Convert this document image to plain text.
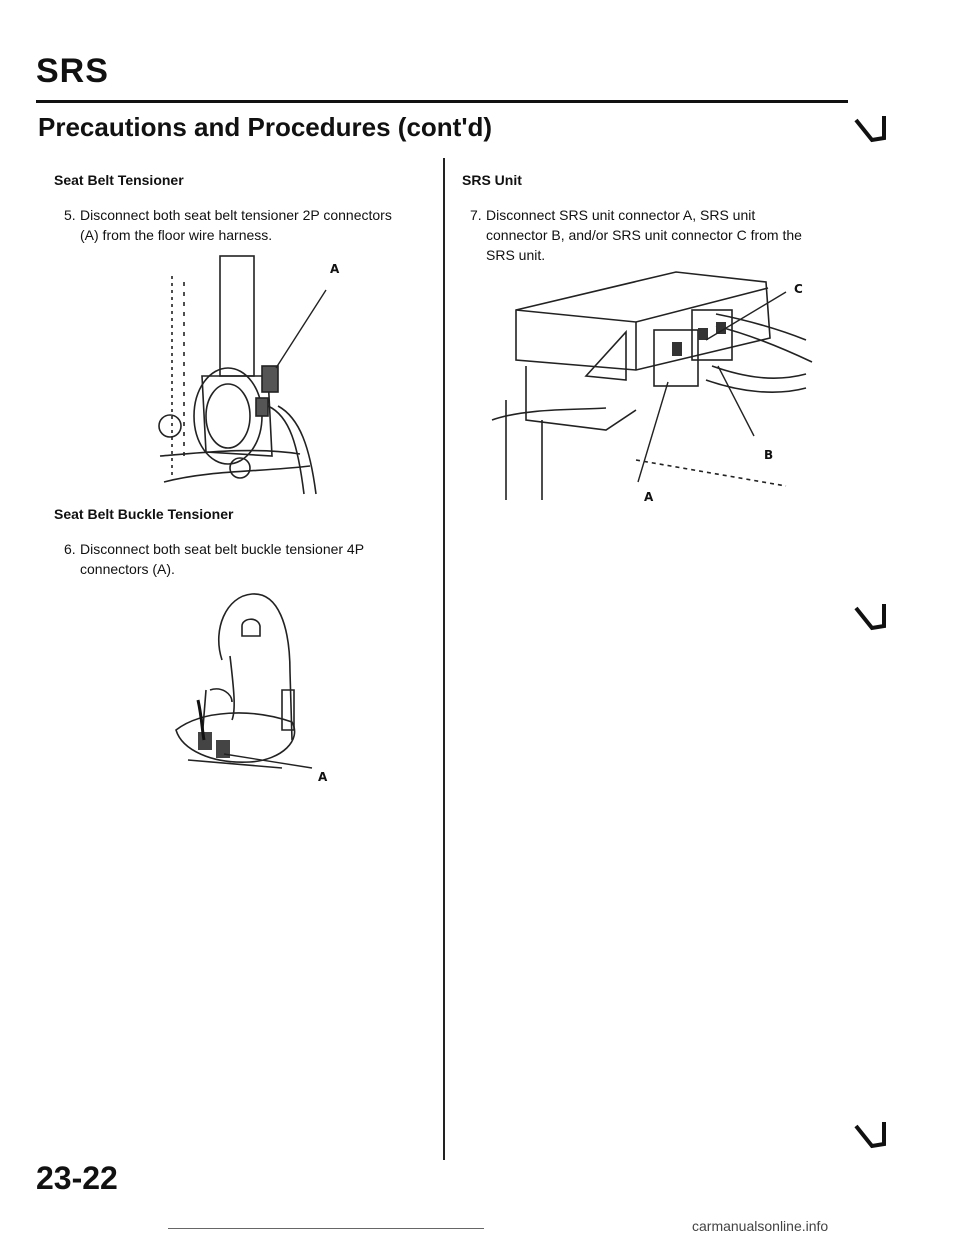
SRS
Precautions and Procedures (cont'd)
Seat Belt Tensioner
5. Disconnect both seat belt tensioner 2P connectors
(A) from the floor wire harness.
A
Seat Belt Buckle Tensioner
6. Disconnect both seat belt buckle tensioner 4P
connectors (A).
A
SRS Unit
7. Disconnect SRS unit connector A, SRS unit
connector B, and/or SRS unit connector C from the
SRS unit.
C
B
A
23-22
carmanualsonline.info
